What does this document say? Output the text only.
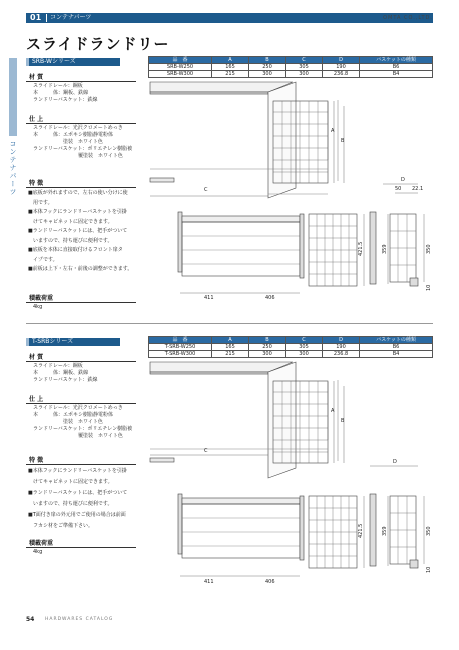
01 コンテナパーツ	OMTA CO.,LTD.
スライドランドリー
コンテナパーツ
SRB-Wシリーズ	品　番	A	B	C	D	バスケットの種類
SRB-W250	165	250	305	190	B6
SRB-W300	215	300	300	236.8	B4
材 質
スライドレール：鋼板
本　　　体：鋼板、鉄線
ランドリーバスケット：鉄線
仕 上
スライドレール：光沢クロメートめっき
本　　　体：エポキシ樹脂静電粉体
　　　　　　塗装　ホワイト色
ランドリーバスケット：ポリエチレン樹脂被
　　　　　　　　　覆塗装　ホワイト色
特 徴
■底板が外れますので、左右の使い分けに使
　用です。
■本体フックにランドリーバスケットを引掛
　けてキャビネットに固定できます。
■ランドリーバスケットには、把手がついて
　いますので、持ち運びに便利です。
■底板を本体に直接取付けるフロント扉タ
　イプです。
■前板は上下・左右・前後の調整ができます。
積載荷重
4kg
C
A
B
D
50 22.1
411	406
421.5	359	350
10
T-SRBシリーズ	品　番	A	B	C	D	バスケットの種類
T-SRB-W250	165	250	305	190	B6
T-SRB-W300	215	300	300	236.8	B4
材 質
スライドレール：鋼板
本　　　体：鋼板、鉄線
ランドリーバスケット：鉄線
仕 上
スライドレール：光沢クロメートめっき
本　　　体：エポキシ樹脂静電粉体
　　　　　　塗装　ホワイト色
ランドリーバスケット：ポリエチレン樹脂被
　　　　　　　　　覆塗装　ホワイト色
特 徴
■本体フックにランドリーバスケットを引掛
　けてキャビネットに固定できます。
■ランドリーバスケットには、把手がついて
　いますので、持ち運びに便利です。
■T面付き扉の外元用でご使用の場合は前面
　フカシ材をご準備下さい。
積載荷重
4kg
C
A
B
D
411	406
421.5	359	350
10
54 HARDWARES CATALOG
